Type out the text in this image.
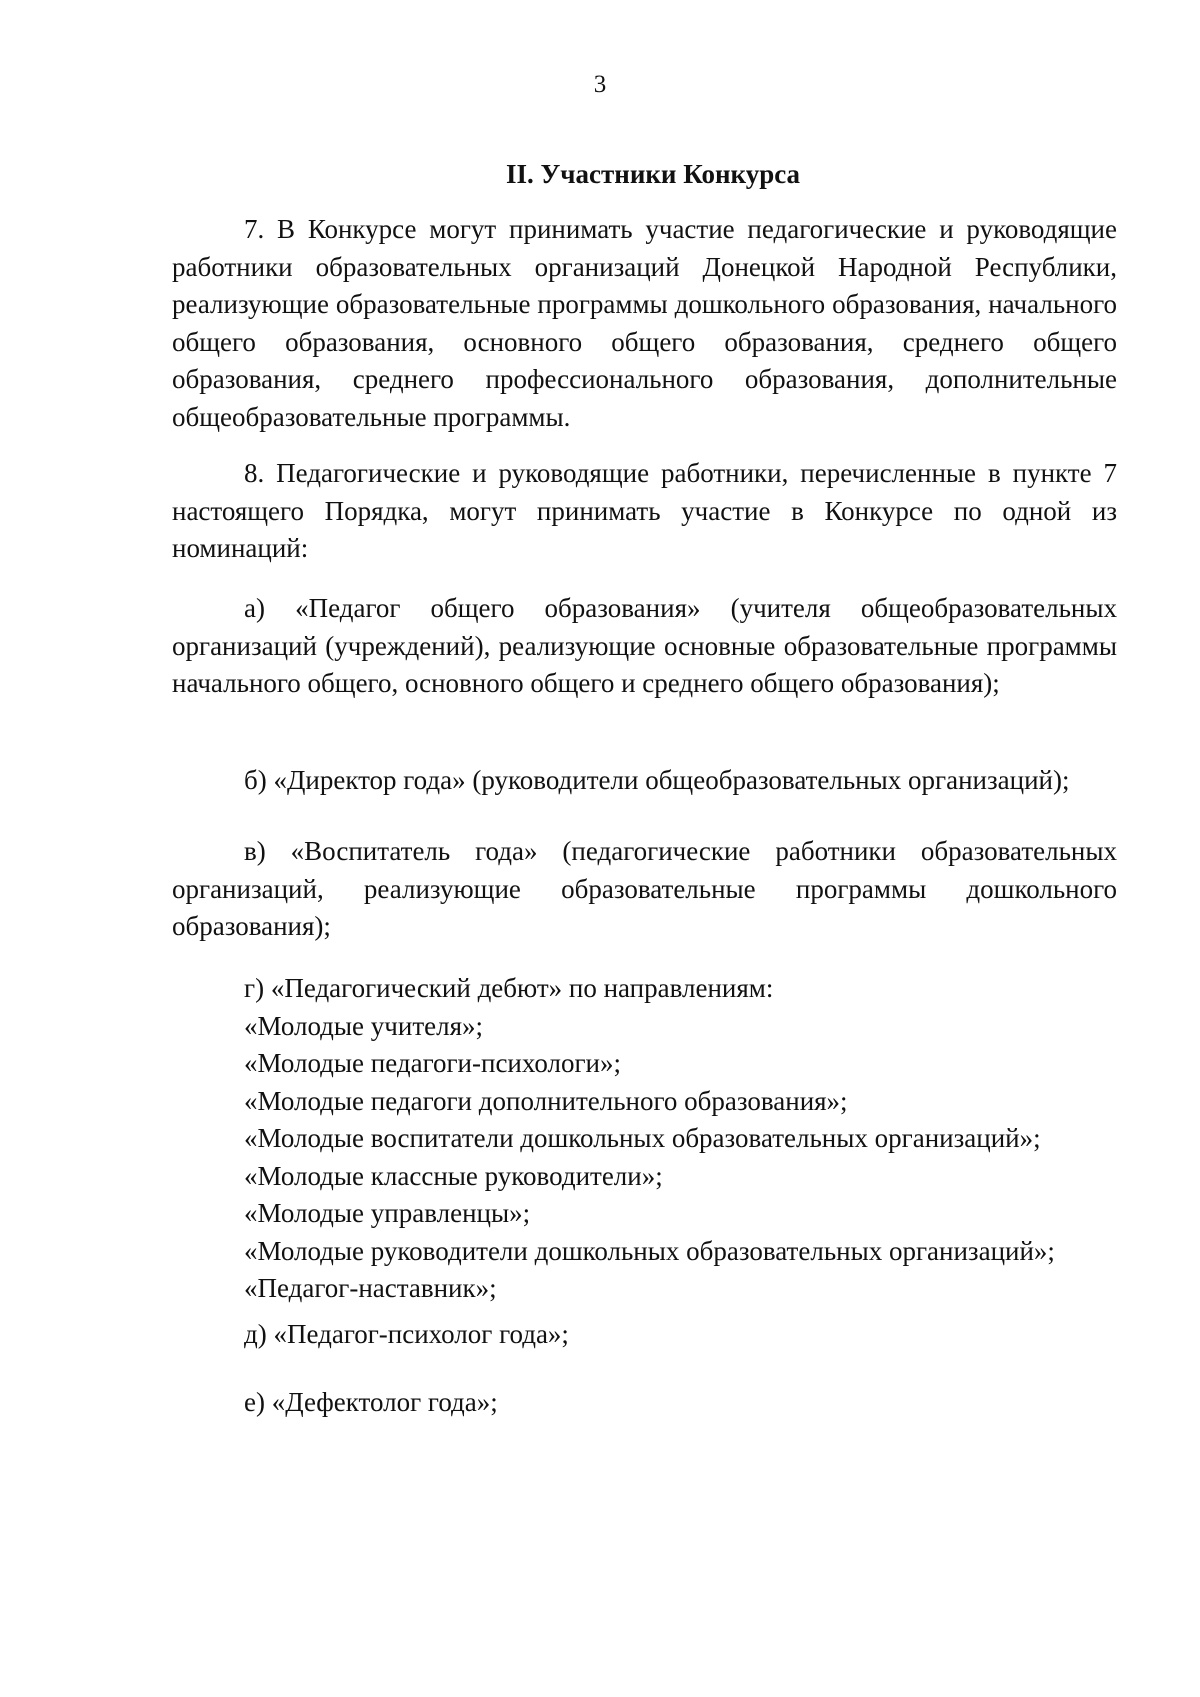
3
II. Участники Конкурса

7. В Конкурсе могут принимать участие педагогические и руководящие работники образовательных организаций Донецкой Народной Республики, реализующие образовательные программы дошкольного образования, начального общего образования, основного общего образования, среднего общего образования, среднего профессионального образования, дополнительные общеобразовательные программы.

8. Педагогические и руководящие работники, перечисленные в пункте 7 настоящего Порядка, могут принимать участие в Конкурсе по одной из номинаций:

а) «Педагог общего образования» (учителя общеобразовательных организаций (учреждений), реализующие основные образовательные программы начального общего, основного общего и среднего общего образования);

б) «Директор года» (руководители общеобразовательных организаций);

в) «Воспитатель года» (педагогические работники образовательных организаций, реализующие образовательные программы дошкольного образования);

г) «Педагогический дебют» по направлениям:
«Молодые учителя»;
«Молодые педагоги-психологи»;
«Молодые педагоги дополнительного образования»;
«Молодые воспитатели дошкольных образовательных организаций»;
«Молодые классные руководители»;
«Молодые управленцы»;
«Молодые руководители дошкольных образовательных организаций»;
«Педагог-наставник»;
д) «Педагог-психолог года»;
е) «Дефектолог года»;
